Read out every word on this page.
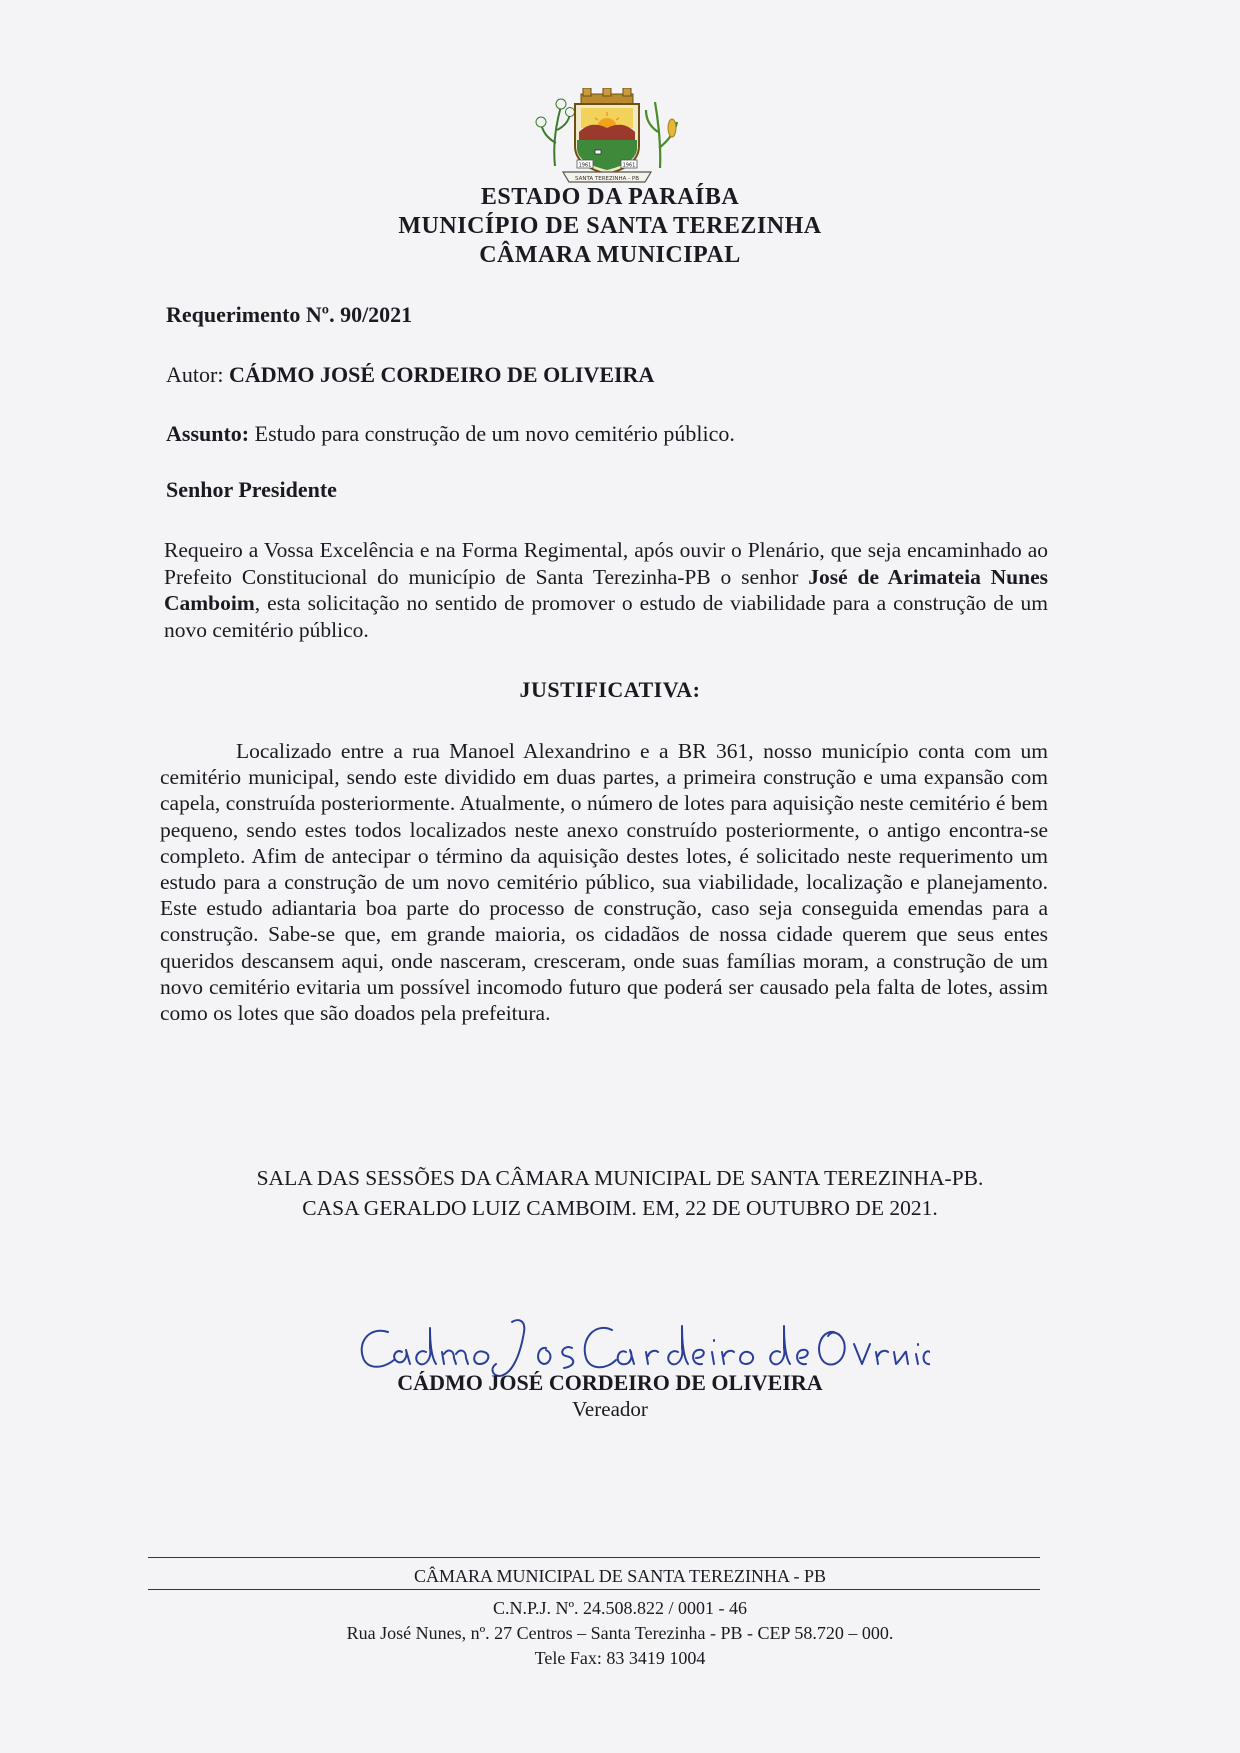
SANTA TEREZINHA - PB
1961	1961
ESTADO DA PARAÍBA
MUNICÍPIO DE SANTA TEREZINHA
CÂMARA MUNICIPAL
Requerimento Nº. 90/2021
Autor: CÁDMO JOSÉ CORDEIRO DE OLIVEIRA
Assunto: Estudo para construção de um novo cemitério público.
Senhor Presidente
Requeiro a Vossa Excelência e na Forma Regimental, após ouvir o Plenário, que seja encaminhado ao Prefeito Constitucional do município de Santa Terezinha-PB o senhor José de Arimateia Nunes Camboim, esta solicitação no sentido de promover o estudo de viabilidade para a construção de um novo cemitério público.
JUSTIFICATIVA:
Localizado entre a rua Manoel Alexandrino e a BR 361, nosso município conta com um cemitério municipal, sendo este dividido em duas partes, a primeira construção e uma expansão com capela, construída posteriormente. Atualmente, o número de lotes para aquisição neste cemitério é bem pequeno, sendo estes todos localizados neste anexo construído posteriormente, o antigo encontra-se completo. Afim de antecipar o término da aquisição destes lotes, é solicitado neste requerimento um estudo para a construção de um novo cemitério público, sua viabilidade, localização e planejamento. Este estudo adiantaria boa parte do processo de construção, caso seja conseguida emendas para a construção. Sabe-se que, em grande maioria, os cidadãos de nossa cidade querem que seus entes queridos descansem aqui, onde nasceram, cresceram, onde suas famílias moram, a construção de um novo cemitério evitaria um possível incomodo futuro que poderá ser causado pela falta de lotes, assim como os lotes que são doados pela prefeitura.
SALA DAS SESSÕES DA CÂMARA MUNICIPAL DE SANTA TEREZINHA-PB.
CASA GERALDO LUIZ CAMBOIM. EM, 22 DE OUTUBRO DE 2021.
CÁDMO JOSÉ CORDEIRO DE OLIVEIRA
Vereador
CÂMARA MUNICIPAL DE SANTA TEREZINHA - PB
C.N.P.J. Nº. 24.508.822 / 0001 - 46
Rua José Nunes, nº. 27 Centros – Santa Terezinha - PB - CEP 58.720 – 000.
Tele Fax: 83 3419 1004
